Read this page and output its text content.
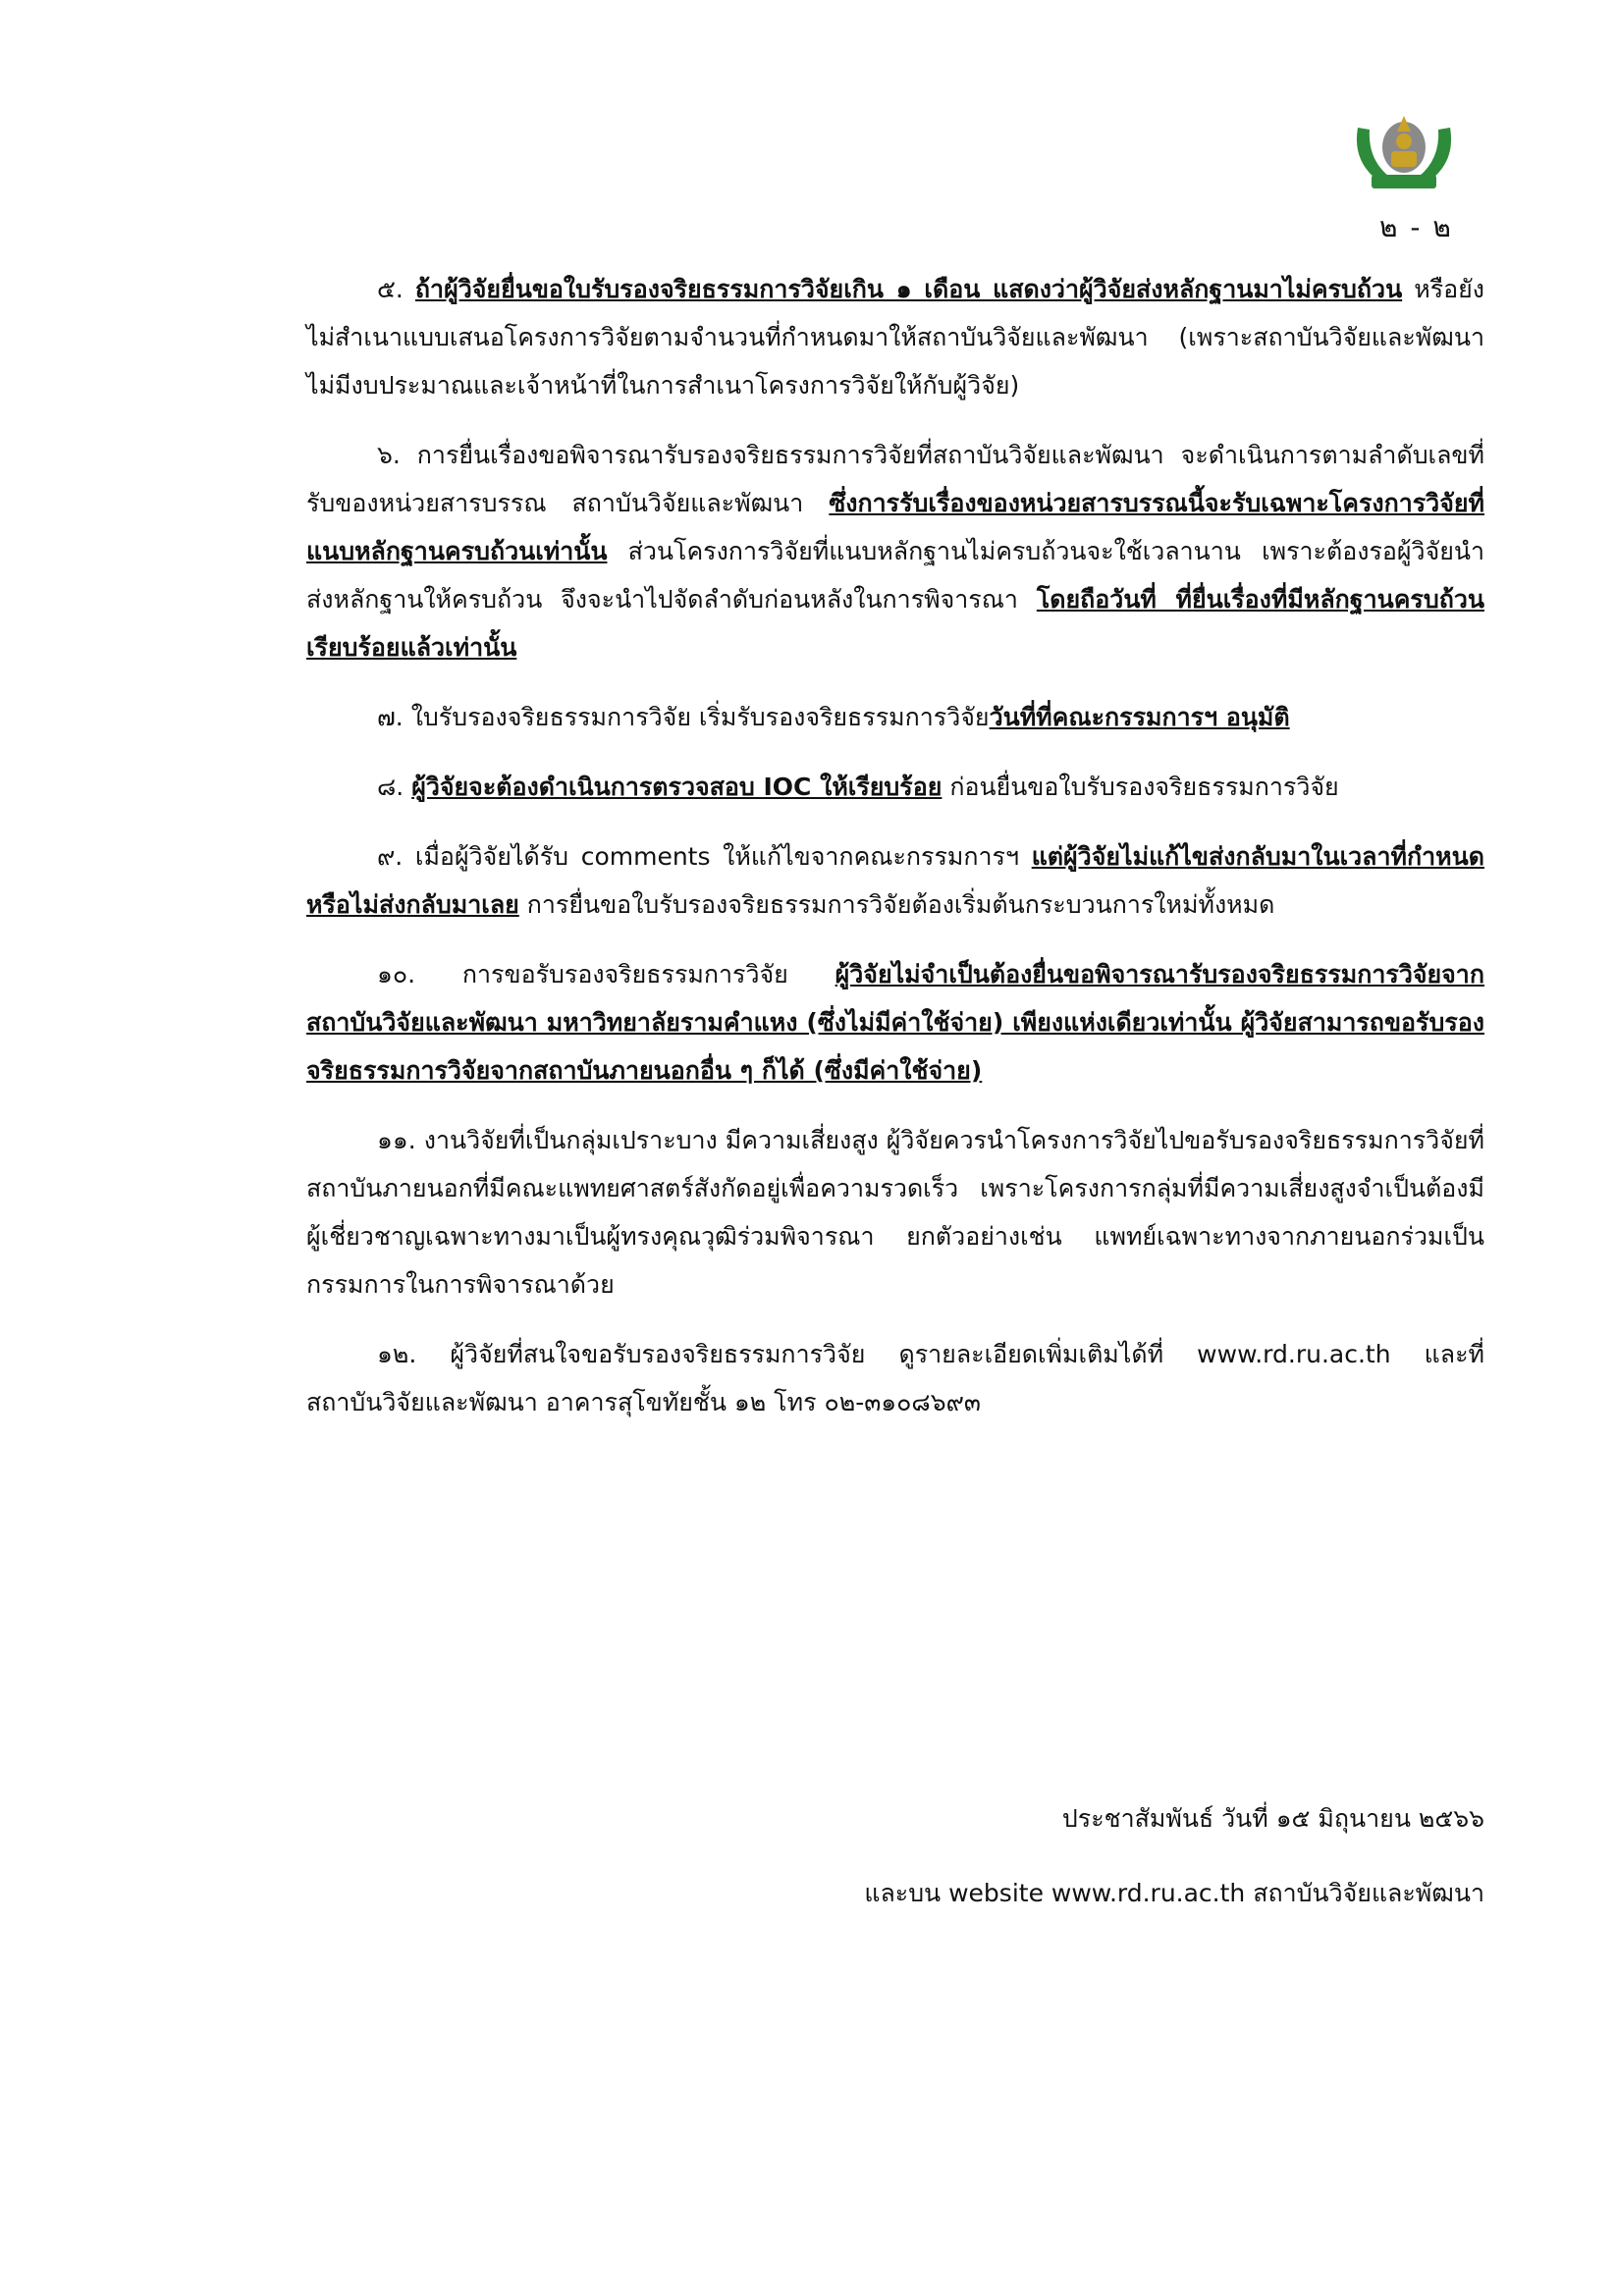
๒ - ๒

๕. ถ้าผู้วิจัยยื่นขอใบรับรองจริยธรรมการวิจัยเกิน ๑ เดือน แสดงว่าผู้วิจัยส่งหลักฐานมาไม่ครบถ้วน หรือยังไม่สำเนาแบบเสนอโครงการวิจัยตามจำนวนที่กำหนดมาให้สถาบันวิจัยและพัฒนา (เพราะสถาบันวิจัยและพัฒนาไม่มีงบประมาณและเจ้าหน้าที่ในการสำเนาโครงการวิจัยให้กับผู้วิจัย)

๖. การยื่นเรื่องขอพิจารณารับรองจริยธรรมการวิจัยที่สถาบันวิจัยและพัฒนา จะดำเนินการตามลำดับเลขที่รับของหน่วยสารบรรณ สถาบันวิจัยและพัฒนา ซึ่งการรับเรื่องของหน่วยสารบรรณนี้จะรับเฉพาะโครงการวิจัยที่แนบหลักฐานครบถ้วนเท่านั้น ส่วนโครงการวิจัยที่แนบหลักฐานไม่ครบถ้วนจะใช้เวลานาน เพราะต้องรอผู้วิจัยนำส่งหลักฐานให้ครบถ้วน จึงจะนำไปจัดลำดับก่อนหลังในการพิจารณา โดยถือวันที่ ที่ยื่นเรื่องที่มีหลักฐานครบถ้วนเรียบร้อยแล้วเท่านั้น

๗. ใบรับรองจริยธรรมการวิจัย เริ่มรับรองจริยธรรมการวิจัยวันที่ที่คณะกรรมการฯ อนุมัติ

๘. ผู้วิจัยจะต้องดำเนินการตรวจสอบ IOC ให้เรียบร้อย ก่อนยื่นขอใบรับรองจริยธรรมการวิจัย

๙. เมื่อผู้วิจัยได้รับ comments ให้แก้ไขจากคณะกรรมการฯ แต่ผู้วิจัยไม่แก้ไขส่งกลับมาในเวลาที่กำหนดหรือไม่ส่งกลับมาเลย การยื่นขอใบรับรองจริยธรรมการวิจัยต้องเริ่มต้นกระบวนการใหม่ทั้งหมด

๑๐. การขอรับรองจริยธรรมการวิจัย ผู้วิจัยไม่จำเป็นต้องยื่นขอพิจารณารับรองจริยธรรมการวิจัยจากสถาบันวิจัยและพัฒนา มหาวิทยาลัยรามคำแหง (ซึ่งไม่มีค่าใช้จ่าย) เพียงแห่งเดียวเท่านั้น ผู้วิจัยสามารถขอรับรองจริยธรรมการวิจัยจากสถาบันภายนอกอื่น ๆ ก็ได้ (ซึ่งมีค่าใช้จ่าย)

๑๑. งานวิจัยที่เป็นกลุ่มเปราะบาง มีความเสี่ยงสูง ผู้วิจัยควรนำโครงการวิจัยไปขอรับรองจริยธรรมการวิจัยที่สถาบันภายนอกที่มีคณะแพทยศาสตร์สังกัดอยู่เพื่อความรวดเร็ว เพราะโครงการกลุ่มที่มีความเสี่ยงสูงจำเป็นต้องมีผู้เชี่ยวชาญเฉพาะทางมาเป็นผู้ทรงคุณวุฒิร่วมพิจารณา ยกตัวอย่างเช่น แพทย์เฉพาะทางจากภายนอกร่วมเป็นกรรมการในการพิจารณาด้วย

๑๒. ผู้วิจัยที่สนใจขอรับรองจริยธรรมการวิจัย ดูรายละเอียดเพิ่มเติมได้ที่ www.rd.ru.ac.th และที่สถาบันวิจัยและพัฒนา อาคารสุโขทัยชั้น ๑๒ โทร ๐๒-๓๑๐๘๖๙๓

ประชาสัมพันธ์ วันที่ ๑๕ มิถุนายน ๒๕๖๖
และบน website www.rd.ru.ac.th สถาบันวิจัยและพัฒนา
